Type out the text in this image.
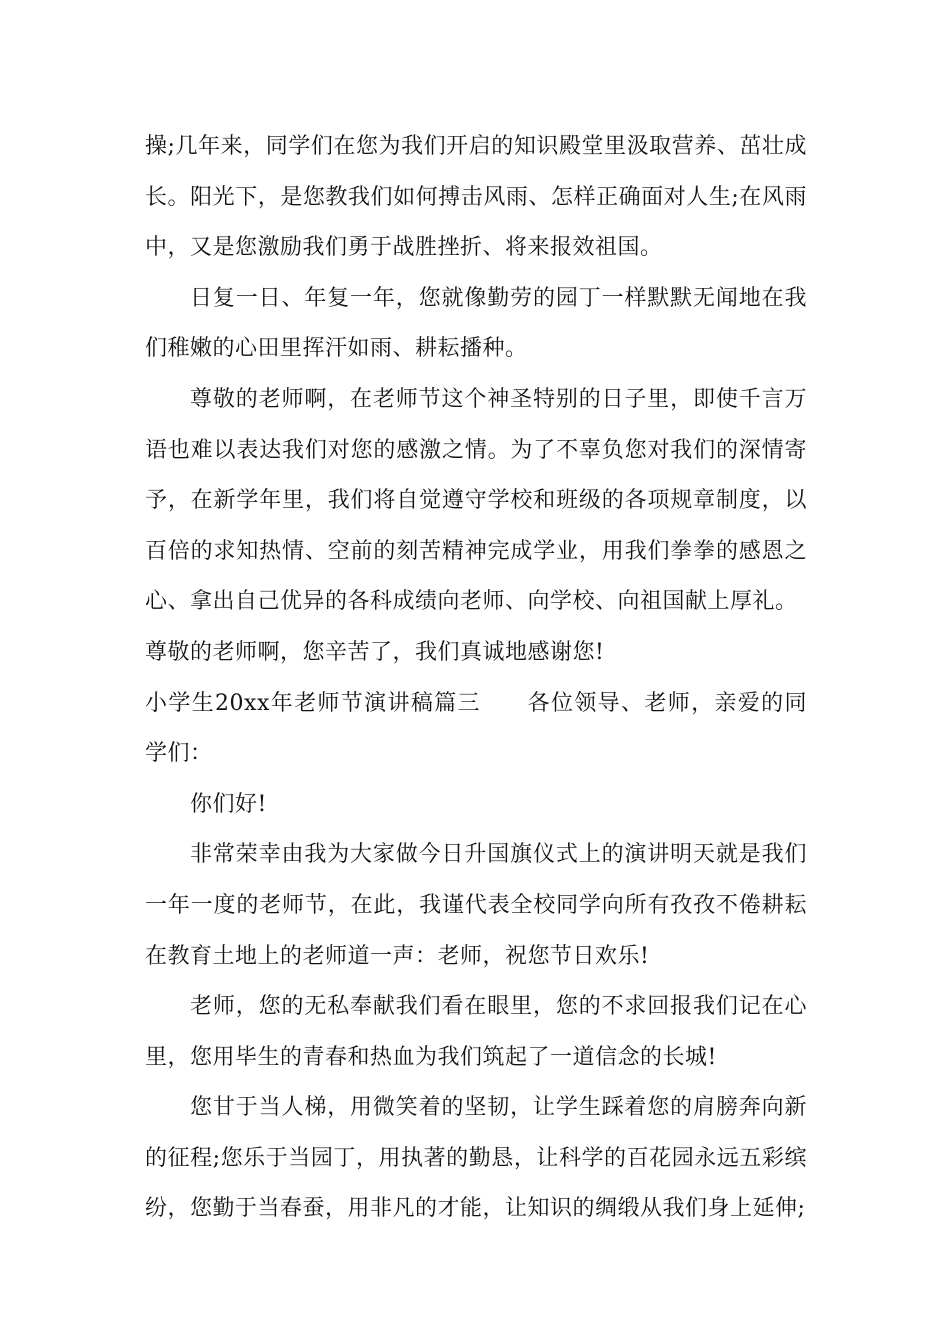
操;几年来，同学们在您为我们开启的知识殿堂里汲取营养、茁壮成长。阳光下，是您教我们如何搏击风雨、怎样正确面对人生;在风雨中，又是您激励我们勇于战胜挫折、将来报效祖国。

日复一日、年复一年，您就像勤劳的园丁一样默默无闻地在我们稚嫩的心田里挥汗如雨、耕耘播种。

尊敬的老师啊，在老师节这个神圣特别的日子里，即使千言万语也难以表达我们对您的感激之情。为了不辜负您对我们的深情寄予，在新学年里，我们将自觉遵守学校和班级的各项规章制度，以百倍的求知热情、空前的刻苦精神完成学业，用我们拳拳的感恩之心、拿出自己优异的各科成绩向老师、向学校、向祖国献上厚礼。

尊敬的老师啊，您辛苦了，我们真诚地感谢您!

小学生20xx年老师节演讲稿篇三　　各位领导、老师，亲爱的同学们：

你们好!

非常荣幸由我为大家做今日升国旗仪式上的演讲明天就是我们一年一度的老师节，在此，我谨代表全校同学向所有孜孜不倦耕耘在教育土地上的老师道一声：老师，祝您节日欢乐!

老师，您的无私奉献我们看在眼里，您的不求回报我们记在心里，您用毕生的青春和热血为我们筑起了一道信念的长城!

您甘于当人梯，用微笑着的坚韧，让学生踩着您的肩膀奔向新的征程;您乐于当园丁，用执著的勤恳，让科学的百花园永远五彩缤纷，您勤于当春蚕，用非凡的才能，让知识的绸缎从我们身上延伸;
